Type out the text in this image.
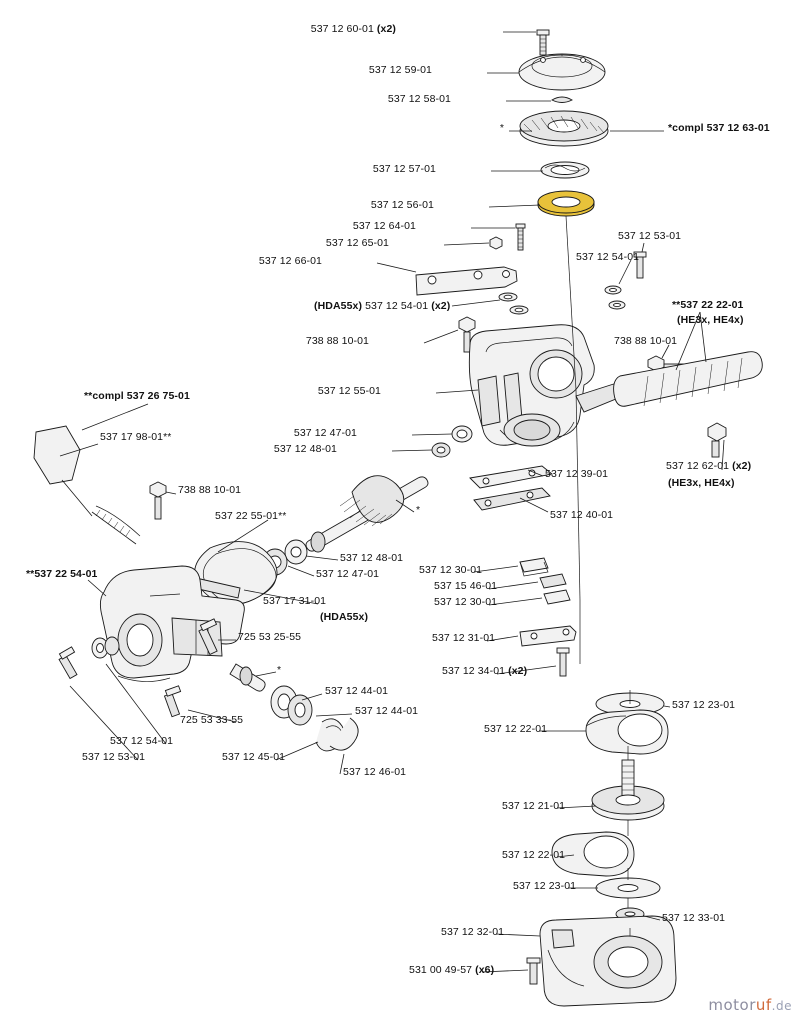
537 12 60-01 (x2)
537 12 59-01
537 12 58-01
*	*compl 537 12 63-01
537 12 57-01
537 12 56-01
537 12 64-01
537 12 65-01
537 12 66-01
(HDA55x) 537 12 54-01 (x2)
738 88 10-01
537 12 53-01
537 12 54-01
**537 22 22-01
(HE3x, HE4x)
738 88 10-01
537 12 55-01
537 12 62-01 (x2)
(HE3x, HE4x)
537 12 39-01
537 12 40-01
537 12 47-01
537 12 48-01
**compl 537 26 75-01
537 17 98-01**
738 88 10-01
537 22 55-01**	*
537 12 48-01
537 12 47-01
**537 22 54-01
537 17 31-01
(HDA55x)
725 53 25-55
*
725 53 33-55
537 12 44-01
537 12 44-01
537 12 45-01
537 12 46-01
537 12 54-01
537 12 53-01
537 12 30-01
537 15 46-01
537 12 30-01
537 12 31-01
537 12 34-01 (x2)
537 12 23-01
537 12 22-01
537 12 21-01
537 12 22-01
537 12 23-01
537 12 33-01
537 12 32-01
531 00 49-57 (x6)
motoruf.de
